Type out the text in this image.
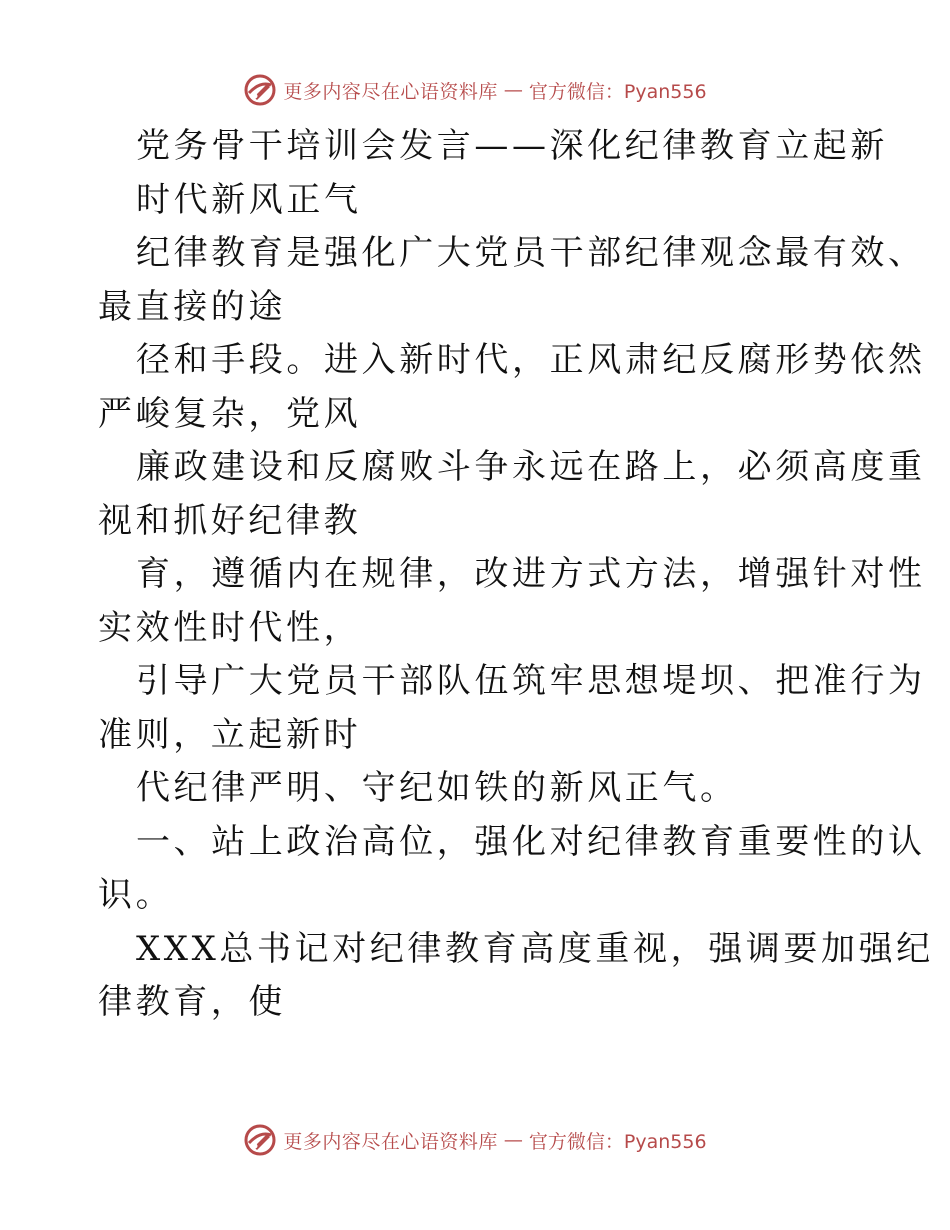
更多内容尽在心语资料库 — 官方微信：Pyan556
党务骨干培训会发言——深化纪律教育立起新
时代新风正气
纪律教育是强化广大党员干部纪律观念最有效、
最直接的途
径和手段。进入新时代，正风肃纪反腐形势依然
严峻复杂，党风
廉政建设和反腐败斗争永远在路上，必须高度重
视和抓好纪律教
育，遵循内在规律，改进方式方法，增强针对性
实效性时代性，
引导广大党员干部队伍筑牢思想堤坝、把准行为
准则，立起新时
代纪律严明、守纪如铁的新风正气。
一、站上政治高位，强化对纪律教育重要性的认
识。
XXX总书记对纪律教育高度重视，强调要加强纪
律教育，使
更多内容尽在心语资料库 — 官方微信：Pyan556
